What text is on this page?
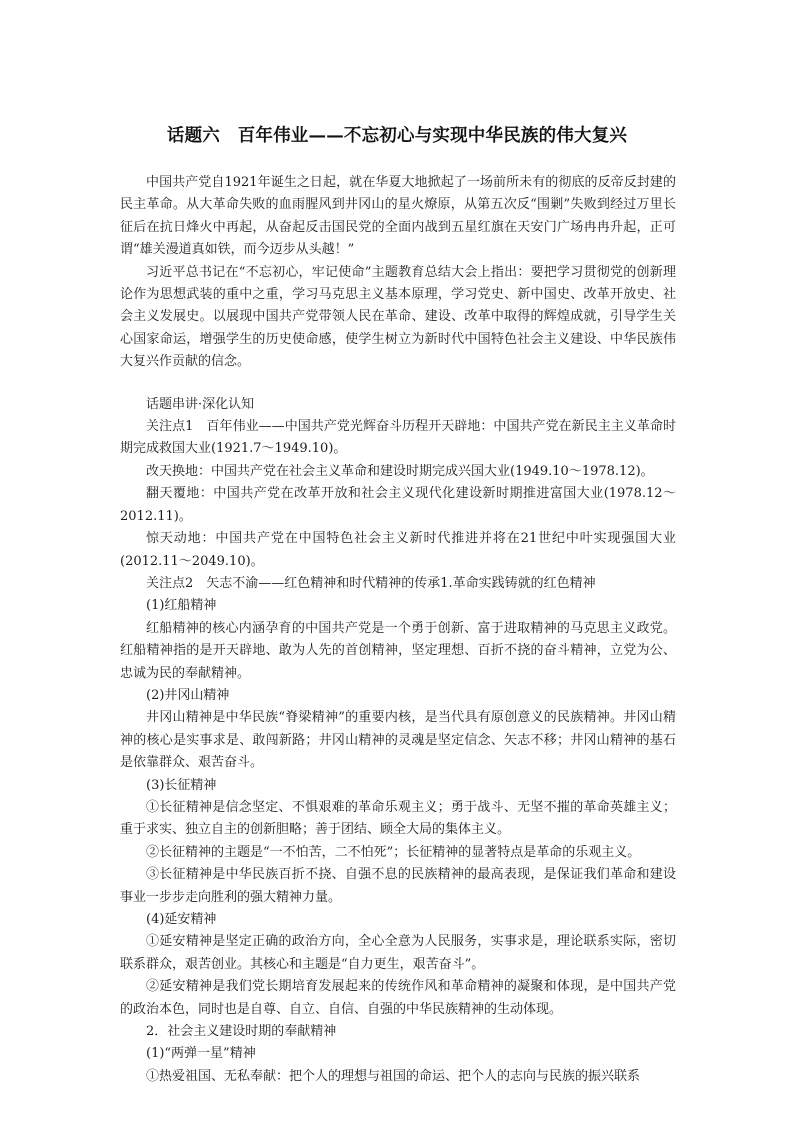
话题六　百年伟业——不忘初心与实现中华民族的伟大复兴

中国共产党自1921年诞生之日起，就在华夏大地掀起了一场前所未有的彻底的反帝反封建的民主革命。从大革命失败的血雨腥风到井冈山的星火燎原，从第五次反“围剿”失败到经过万里长征后在抗日烽火中再起，从奋起反击国民党的全面内战到五星红旗在天安门广场冉冉升起，正可谓“雄关漫道真如铁，而今迈步从头越！”

习近平总书记在“不忘初心，牢记使命”主题教育总结大会上指出：要把学习贯彻党的创新理论作为思想武装的重中之重，学习马克思主义基本原理，学习党史、新中国史、改革开放史、社会主义发展史。以展现中国共产党带领人民在革命、建设、改革中取得的辉煌成就，引导学生关心国家命运，增强学生的历史使命感，使学生树立为新时代中国特色社会主义建设、中华民族伟大复兴作贡献的信念。

话题串讲·深化认知

关注点1　百年伟业——中国共产党光辉奋斗历程开天辟地：中国共产党在新民主主义革命时期完成救国大业(1921.7～1949.10)。

改天换地：中国共产党在社会主义革命和建设时期完成兴国大业(1949.10～1978.12)。

翻天覆地：中国共产党在改革开放和社会主义现代化建设新时期推进富国大业(1978.12～2012.11)。

惊天动地：中国共产党在中国特色社会主义新时代推进并将在21世纪中叶实现强国大业(2012.11～2049.10)。

关注点2　矢志不渝——红色精神和时代精神的传承1.革命实践铸就的红色精神

(1)红船精神

红船精神的核心内涵孕育的中国共产党是一个勇于创新、富于进取精神的马克思主义政党。红船精神指的是开天辟地、敢为人先的首创精神，坚定理想、百折不挠的奋斗精神，立党为公、忠诚为民的奉献精神。

(2)井冈山精神

井冈山精神是中华民族“脊梁精神”的重要内核，是当代具有原创意义的民族精神。井冈山精神的核心是实事求是、敢闯新路；井冈山精神的灵魂是坚定信念、矢志不移；井冈山精神的基石是依靠群众、艰苦奋斗。

(3)长征精神

①长征精神是信念坚定、不惧艰难的革命乐观主义；勇于战斗、无坚不摧的革命英雄主义；重于求实、独立自主的创新胆略；善于团结、顾全大局的集体主义。

②长征精神的主题是“一不怕苦，二不怕死”；长征精神的显著特点是革命的乐观主义。

③长征精神是中华民族百折不挠、自强不息的民族精神的最高表现，是保证我们革命和建设事业一步步走向胜利的强大精神力量。

(4)延安精神

①延安精神是坚定正确的政治方向，全心全意为人民服务，实事求是，理论联系实际，密切联系群众，艰苦创业。其核心和主题是“自力更生，艰苦奋斗”。

②延安精神是我们党长期培育发展起来的传统作风和革命精神的凝聚和体现，是中国共产党的政治本色，同时也是自尊、自立、自信、自强的中华民族精神的生动体现。

2．社会主义建设时期的奉献精神

(1)“两弹一星”精神

①热爱祖国、无私奉献：把个人的理想与祖国的命运、把个人的志向与民族的振兴联系
